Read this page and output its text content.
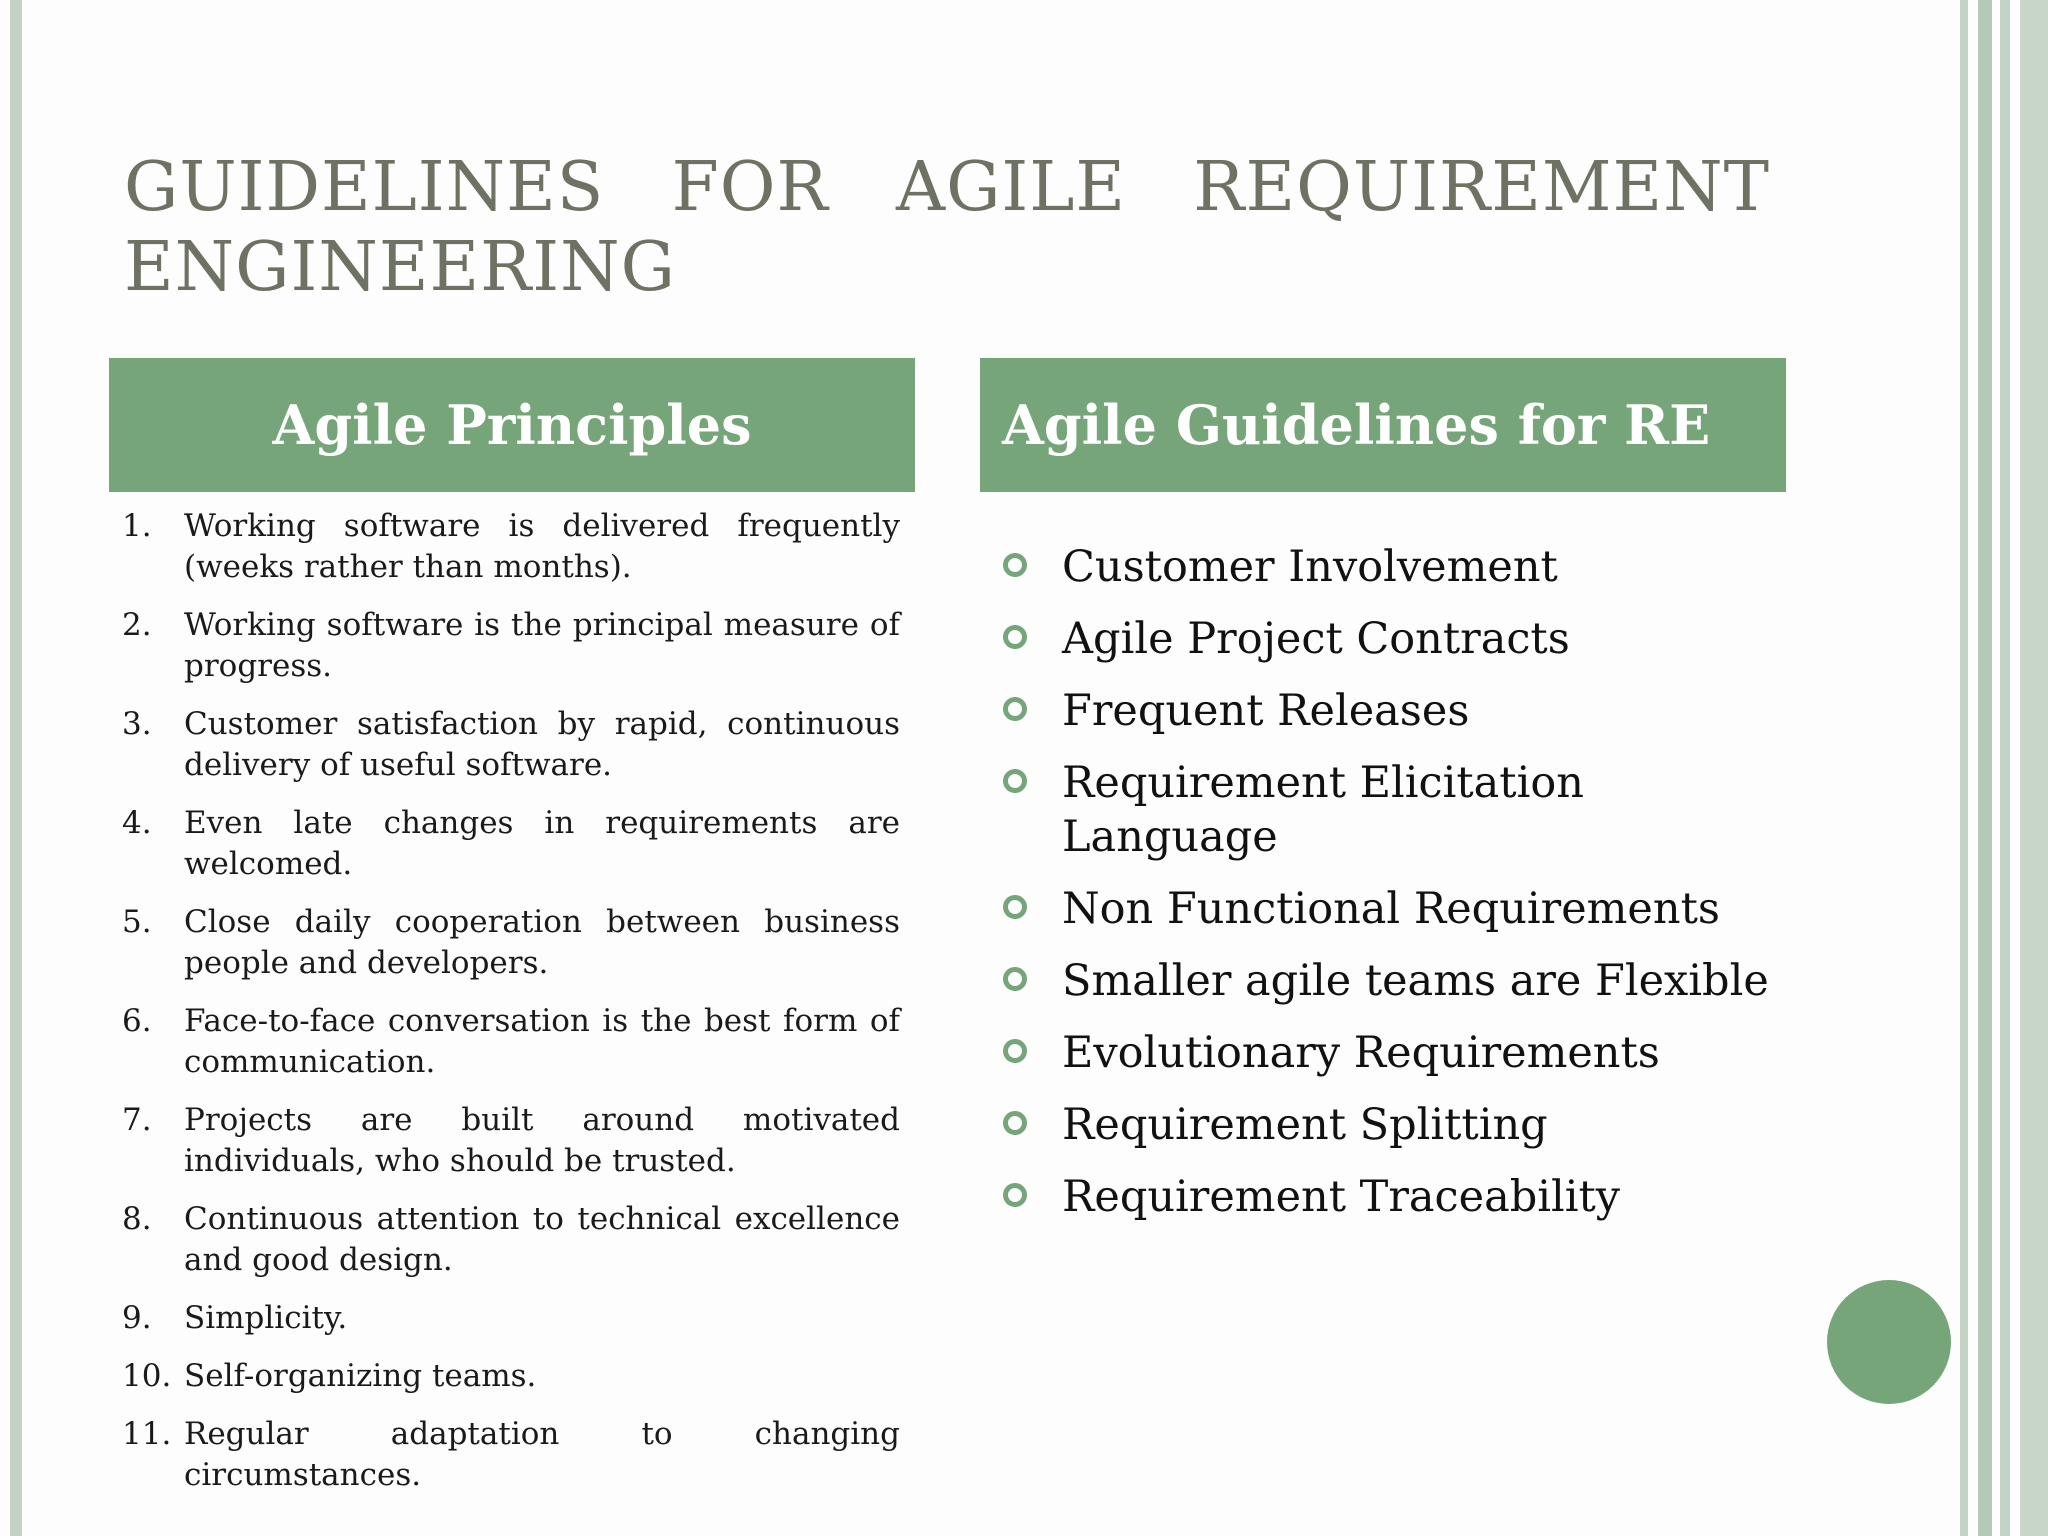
GUIDELINES FOR AGILE REQUIREMENT ENGINEERING
Agile Principles	Agile Guidelines for RE
1.	Working software is delivered frequently (weeks rather than months).
2.	Working software is the principal measure of progress.
3.	Customer satisfaction by rapid, continuous delivery of useful software.
4.	Even late changes in requirements are welcomed.
5.	Close daily cooperation between business people and developers.
6.	Face-to-face conversation is the best form of communication.
7.	Projects are built around motivated individuals, who should be trusted.
8.	Continuous attention to technical excellence and good design.
9.	Simplicity.
10. Self-organizing teams.
11. Regular adaptation to changing circumstances.
Customer Involvement
Agile Project Contracts
Frequent Releases
Requirement Elicitation Language
Non Functional Requirements
Smaller agile teams are Flexible
Evolutionary Requirements
Requirement Splitting
Requirement Traceability
